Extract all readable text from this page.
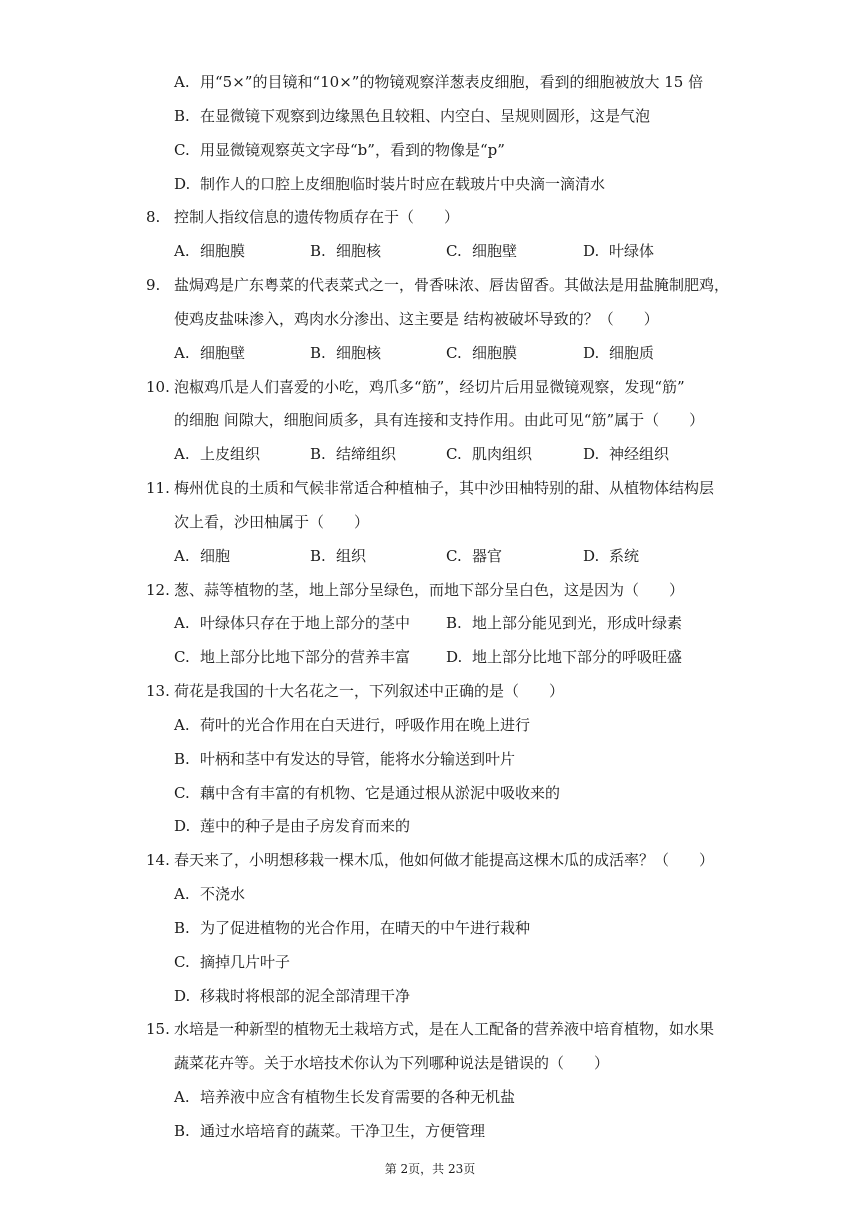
A. 用“5×”的目镜和“10×”的物镜观察洋葱表皮细胞，看到的细胞被放大 15 倍
B. 在显微镜下观察到边缘黑色且较粗、内空白、呈规则圆形，这是气泡
C. 用显微镜观察英文字母“b”，看到的物像是“p”
D. 制作人的口腔上皮细胞临时装片时应在载玻片中央滴一滴清水
8. 控制人指纹信息的遗传物质存在于（　　）
A. 细胞膜	B. 细胞核	C. 细胞壁	D. 叶绿体
9. 盐焗鸡是广东粤菜的代表菜式之一，骨香味浓、唇齿留香。其做法是用盐腌制肥鸡，
使鸡皮盐味渗入，鸡肉水分渗出、这主要是 结构被破坏导致的？（　　）
A. 细胞壁	B. 细胞核	C. 细胞膜	D. 细胞质
10. 泡椒鸡爪是人们喜爱的小吃，鸡爪多“筋”，经切片后用显微镜观察，发现“筋”
的细胞 间隙大，细胞间质多，具有连接和支持作用。由此可见“筋”属于（　　）
A. 上皮组织	B. 结缔组织	C. 肌肉组织	D. 神经组织
11. 梅州优良的土质和气候非常适合种植柚子，其中沙田柚特别的甜、从植物体结构层
次上看，沙田柚属于（　　）
A. 细胞	B. 组织	C. 器官	D. 系统
12. 葱、蒜等植物的茎，地上部分呈绿色，而地下部分呈白色，这是因为（　　）
A. 叶绿体只存在于地上部分的茎中 B. 地上部分能见到光，形成叶绿素
C. 地上部分比地下部分的营养丰富 D. 地上部分比地下部分的呼吸旺盛
13. 荷花是我国的十大名花之一，下列叙述中正确的是（　　）
A. 荷叶的光合作用在白天进行，呼吸作用在晚上进行
B. 叶柄和茎中有发达的导管，能将水分输送到叶片
C. 藕中含有丰富的有机物、它是通过根从淤泥中吸收来的
D. 莲中的种子是由子房发育而来的
14. 春天来了，小明想移栽一棵木瓜，他如何做才能提高这棵木瓜的成活率？（　　）
A. 不浇水
B. 为了促进植物的光合作用，在晴天的中午进行栽种
C. 摘掉几片叶子
D. 移栽时将根部的泥全部清理干净
15. 水培是一种新型的植物无土栽培方式，是在人工配备的营养液中培育植物，如水果
蔬菜花卉等。关于水培技术你认为下列哪种说法是错误的（　　）
A. 培养液中应含有植物生长发育需要的各种无机盐
B. 通过水培培育的蔬菜。干净卫生，方便管理
第 2页，共 23页
